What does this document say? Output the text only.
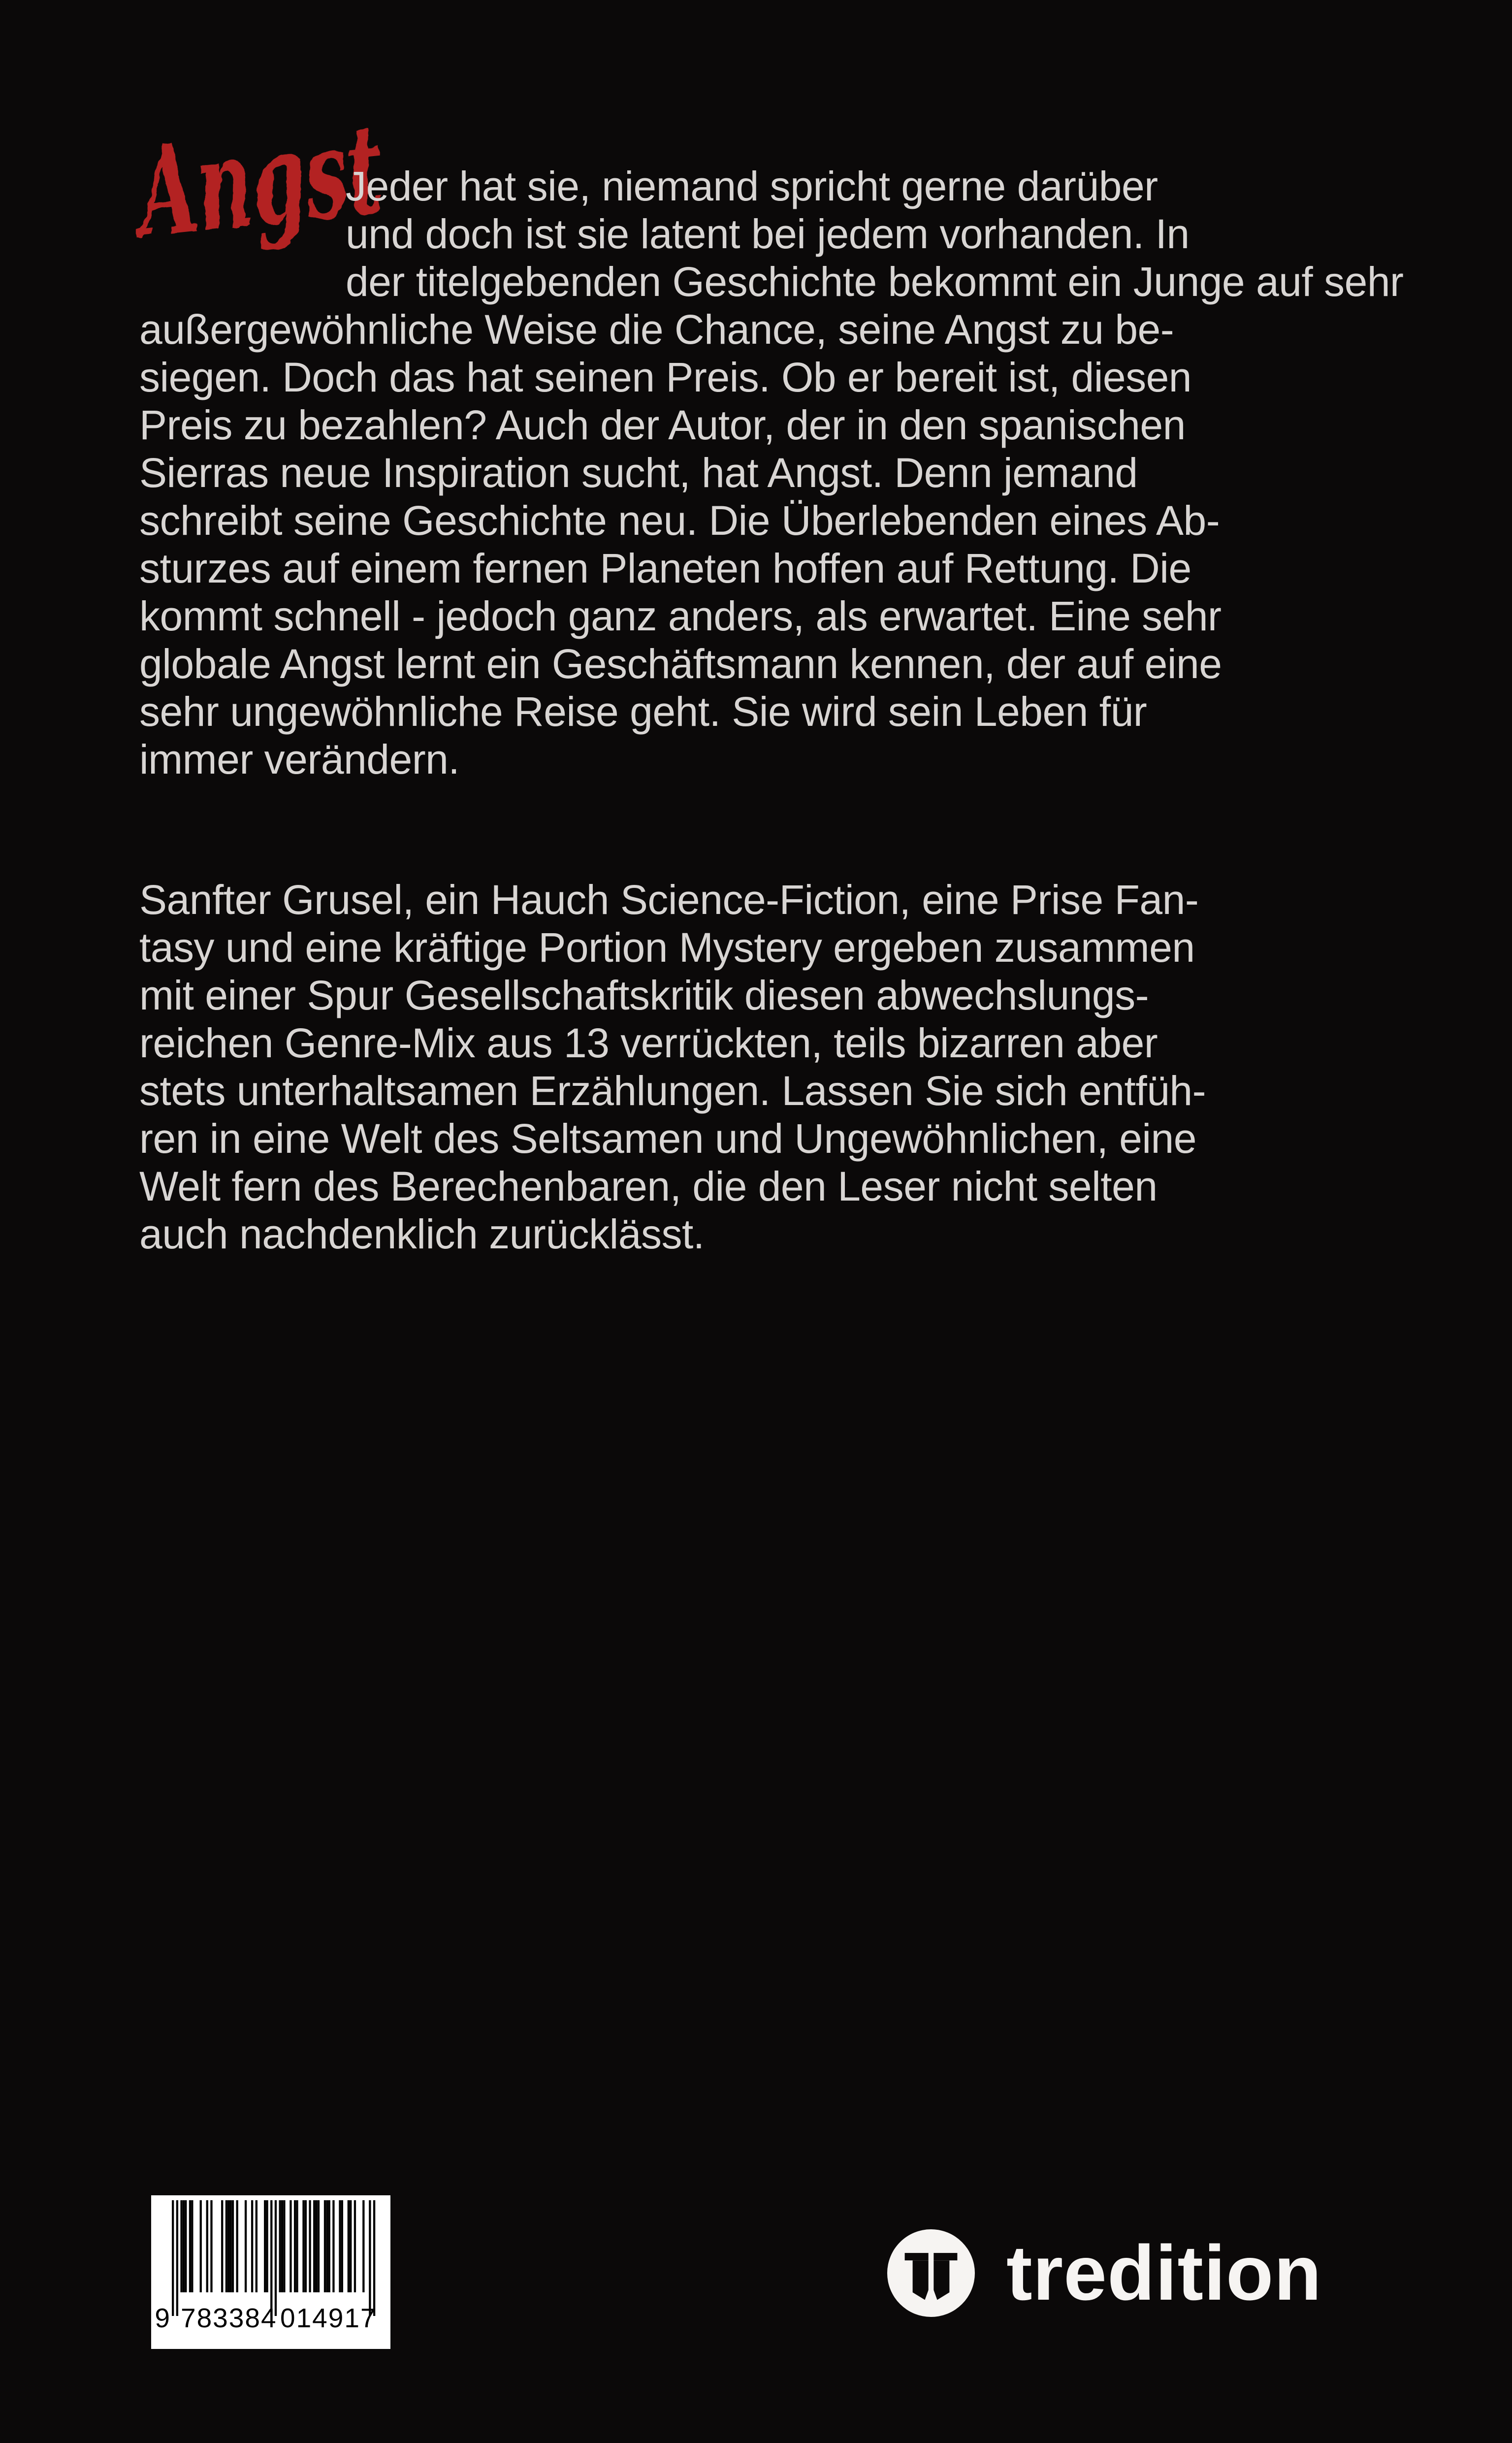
Angst
Jeder hat sie, niemand spricht gerne darüber
und doch ist sie latent bei jedem vorhanden. In
der titelgebenden Geschichte bekommt ein Junge auf sehr
außergewöhnliche Weise die Chance, seine Angst zu be-
siegen. Doch das hat seinen Preis. Ob er bereit ist, diesen
Preis zu bezahlen? Auch der Autor, der in den spanischen
Sierras neue Inspiration sucht, hat Angst. Denn jemand
schreibt seine Geschichte neu. Die Überlebenden eines Ab-
sturzes auf einem fernen Planeten hoffen auf Rettung. Die
kommt schnell - jedoch ganz anders, als erwartet. Eine sehr
globale Angst lernt ein Geschäftsmann kennen, der auf eine
sehr ungewöhnliche Reise geht. Sie wird sein Leben für
immer verändern.

Sanfter Grusel, ein Hauch Science-Fiction, eine Prise Fan-
tasy und eine kräftige Portion Mystery ergeben zusammen
mit einer Spur Gesellschaftskritik diesen abwechslungs-
reichen Genre-Mix aus 13 verrückten, teils bizarren aber
stets unterhaltsamen Erzählungen. Lassen Sie sich entfüh-
ren in eine Welt des Seltsamen und Ungewöhnlichen, eine
Welt fern des Berechenbaren, die den Leser nicht selten
auch nachdenklich zurücklässt.

9 783384 014917
tredition
